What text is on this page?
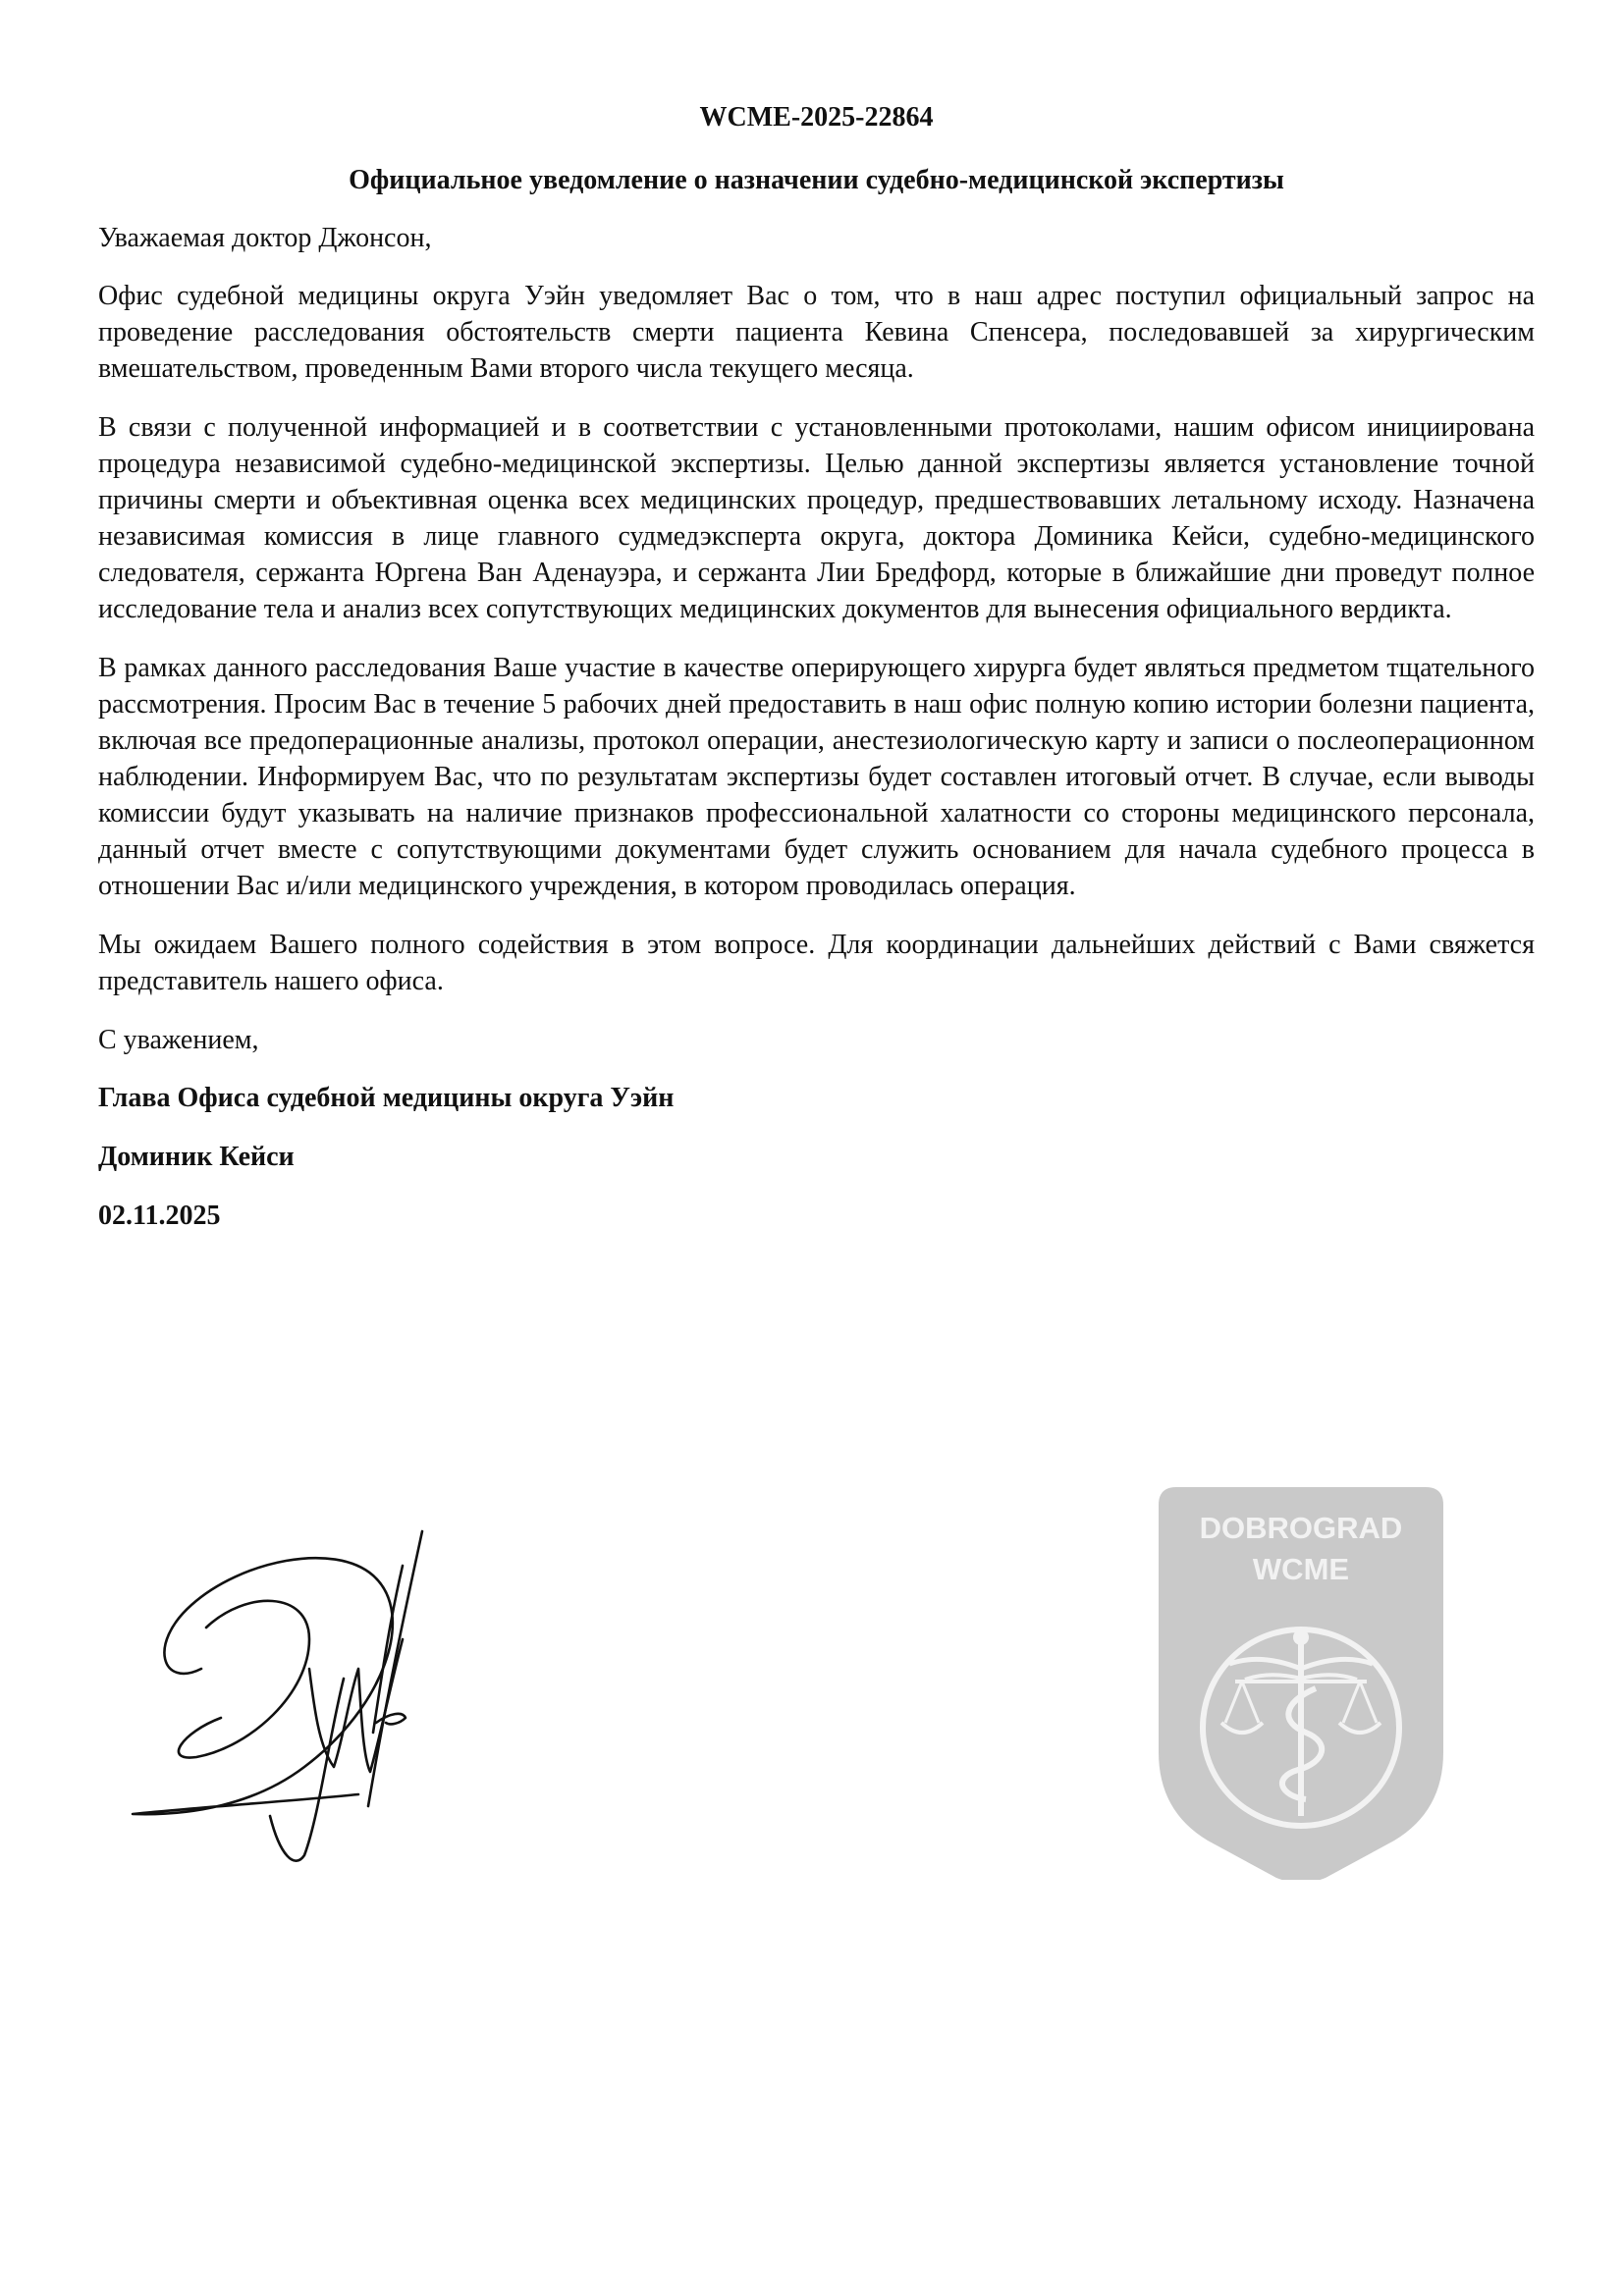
WCME-2025-22864
Официальное уведомление о назначении судебно-медицинской экспертизы
Уважаемая доктор Джонсон,

Офис судебной медицины округа Уэйн уведомляет Вас о том, что в наш адрес поступил официальный запрос на проведение расследования обстоятельств смерти пациента Кевина Спенсера, последовавшей за хирургическим вмешательством, проведенным Вами второго числа текущего месяца.

В связи с полученной информацией и в соответствии с установленными протоколами, нашим офисом инициирована процедура независимой судебно-медицинской экспертизы. Целью данной экспертизы является установление точной причины смерти и объективная оценка всех медицинских процедур, предшествовавших летальному исходу. Назначена независимая комиссия в лице главного судмедэксперта округа, доктора Доминика Кейси, судебно-медицинского следователя, сержанта Юргена Ван Аденауэра, и сержанта Лии Бредфорд, которые в ближайшие дни проведут полное исследование тела и анализ всех сопутствующих медицинских документов для вынесения официального вердикта.

В рамках данного расследования Ваше участие в качестве оперирующего хирурга будет являться предметом тщательного рассмотрения. Просим Вас в течение 5 рабочих дней предоставить в наш офис полную копию истории болезни пациента, включая все предоперационные анализы, протокол операции, анестезиологическую карту и записи о послеоперационном наблюдении. Информируем Вас, что по результатам экспертизы будет составлен итоговый отчет. В случае, если выводы комиссии будут указывать на наличие признаков профессиональной халатности со стороны медицинского персонала, данный отчет вместе с сопутствующими документами будет служить основанием для начала судебного процесса в отношении Вас и/или медицинского учреждения, в котором проводилась операция.

Мы ожидаем Вашего полного содействия в этом вопросе. Для координации дальнейших действий с Вами свяжется представитель нашего офиса.

С уважением,
Глава Офиса судебной медицины округа Уэйн
Доминик Кейси
02.11.2025
DOBROGRAD
WCME
